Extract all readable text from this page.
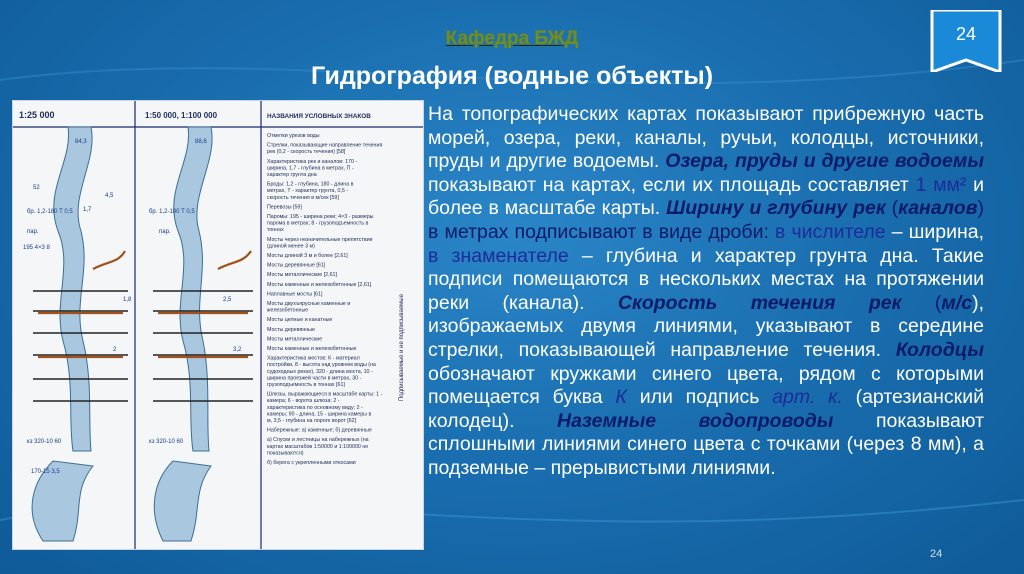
Кафедра БЖД
Гидрография (водные объекты)
24
1:25 000	1:50 000, 1:100 000	НАЗВАНИЯ УСЛОВНЫХ ЗНАКОВ
Отметки урезов воды
Стрелки, показывающие направление течения
рек (0,2 - скорость течения) [58]
Характеристика рек и каналов: 170 -
ширина, 1,7 - глубина в метрах, П -
характер грунта дна
Броды: 1,2 - глубина, 180 - длина в
метрах, Т - характер грунта, 0,5 -
скорость течения в м/сек [59]
Перевозы [59]
Паромы: 195 - ширина реки; 4×3 - размеры
парома в метрах; 8 - грузоподъемность в
тоннах
Мосты через незначительные препятствия
(длиной менее 3 м)
Мосты длиной 3 м и более [2,61]
Мосты деревянные [61]
Мосты металлические [2,61]
Мосты каменные и железобетонные [2,61]
Наплавные мосты [61]
Мосты двухъярусные каменные и
железобетонные
Мосты цепные и канатные
Мосты деревянные
Мосты металлические
Мосты каменные и железобетонные
Характеристика мостов: К - материал
постройки, 8 - высота над уровнем воды (на
судоходных реках), 320 - длина моста, 10 -
ширина проезжей части в метрах, 30 -
грузоподъемность в тоннах [61]
Шлюзы, выражающиеся в масштабе карты: 1 -
камера; 6 - ворота шлюза; 2 -
характеристика по основному виду; 2 -
камеры; 90 - длина, 15 - ширина камеры в
м, 3,5 - глубина на пороге ворот [62]
Набережные: а) каменные; б) деревянные
а) Спуски и лестницы на набережных (на
картах масштабов 1:50000 и 1:100000 не
показываются)
б) берега с укрепленными откосами
84,3	88,6
52
1,7
4,5
бр. 1,2-180 T 0,5
пар.
195 4×3 8
бр. 1,2-180 T 0,5
пар.
кз 320-10 60	кз 320-10 60
170-15 3,5
2
1,8	2,5
3,2	Подписываемые и не подписываемые
На топографических картах показывают прибрежную часть морей, озера, реки, каналы, ручьи, колодцы, источники, пруды и другие водоемы. Озера, пруды и другие водоемы показывают на картах, если их площадь составляет 1 мм² и более в масштабе карты. Ширину и глубину рек (каналов) в метрах подписывают в виде дроби: в числителе – ширина, в знаменателе – глубина и характер грунта дна. Такие подписи помещаются в нескольких местах на протяжении реки (канала). Скорость течения рек (м/с), изображаемых двумя линиями, указывают в середине стрелки, показывающей направление течения. Колодцы обозначают кружками синего цвета, рядом с которыми помещается буква К или подпись арт. к. (артезианский колодец). Наземные водопроводы показывают сплошными линиями синего цвета с точками (через 8 мм), а подземные – прерывистыми линиями.
24
